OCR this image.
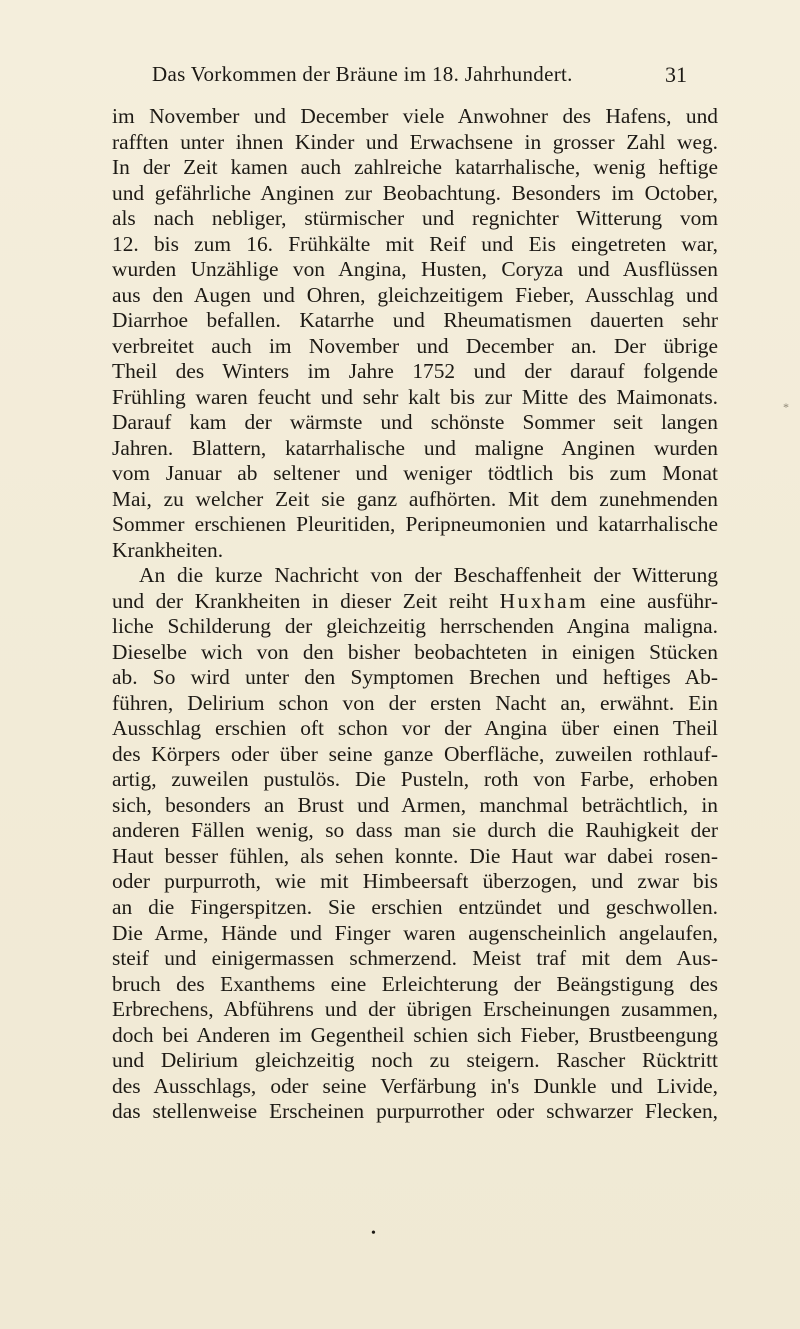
Das Vorkommen der Bräune im 18. Jahrhundert.	31
im November und December viele Anwohner des Hafens, und
rafften unter ihnen Kinder und Erwachsene in grosser Zahl weg.
In der Zeit kamen auch zahlreiche katarrhalische, wenig heftige
und gefährliche Anginen zur Beobachtung. Besonders im October,
als nach nebliger, stürmischer und regnichter Witterung vom
12. bis zum 16. Frühkälte mit Reif und Eis eingetreten war,
wurden Unzählige von Angina, Husten, Coryza und Ausflüssen
aus den Augen und Ohren, gleichzeitigem Fieber, Ausschlag und
Diarrhoe befallen. Katarrhe und Rheumatismen dauerten sehr
verbreitet auch im November und December an. Der übrige
Theil des Winters im Jahre 1752 und der darauf folgende
Frühling waren feucht und sehr kalt bis zur Mitte des Maimonats.
Darauf kam der wärmste und schönste Sommer seit langen
Jahren. Blattern, katarrhalische und maligne Anginen wurden
vom Januar ab seltener und weniger tödtlich bis zum Monat
Mai, zu welcher Zeit sie ganz aufhörten. Mit dem zunehmenden
Sommer erschienen Pleuritiden, Peripneumonien und katarrhalische
Krankheiten.
An die kurze Nachricht von der Beschaffenheit der Witterung
und der Krankheiten in dieser Zeit reiht Huxham eine ausführ-
liche Schilderung der gleichzeitig herrschenden Angina maligna.
Dieselbe wich von den bisher beobachteten in einigen Stücken
ab. So wird unter den Symptomen Brechen und heftiges Ab-
führen, Delirium schon von der ersten Nacht an, erwähnt. Ein
Ausschlag erschien oft schon vor der Angina über einen Theil
des Körpers oder über seine ganze Oberfläche, zuweilen rothlauf-
artig, zuweilen pustulös. Die Pusteln, roth von Farbe, erhoben
sich, besonders an Brust und Armen, manchmal beträchtlich, in
anderen Fällen wenig, so dass man sie durch die Rauhigkeit der
Haut besser fühlen, als sehen konnte. Die Haut war dabei rosen-
oder purpurroth, wie mit Himbeersaft überzogen, und zwar bis
an die Fingerspitzen. Sie erschien entzündet und geschwollen.
Die Arme, Hände und Finger waren augenscheinlich angelaufen,
steif und einigermassen schmerzend. Meist traf mit dem Aus-
bruch des Exanthems eine Erleichterung der Beängstigung des
Erbrechens, Abführens und der übrigen Erscheinungen zusammen,
doch bei Anderen im Gegentheil schien sich Fieber, Brustbeengung
und Delirium gleichzeitig noch zu steigern. Rascher Rücktritt
des Ausschlags, oder seine Verfärbung in's Dunkle und Livide,
das stellenweise Erscheinen purpurrother oder schwarzer Flecken,
•
*
